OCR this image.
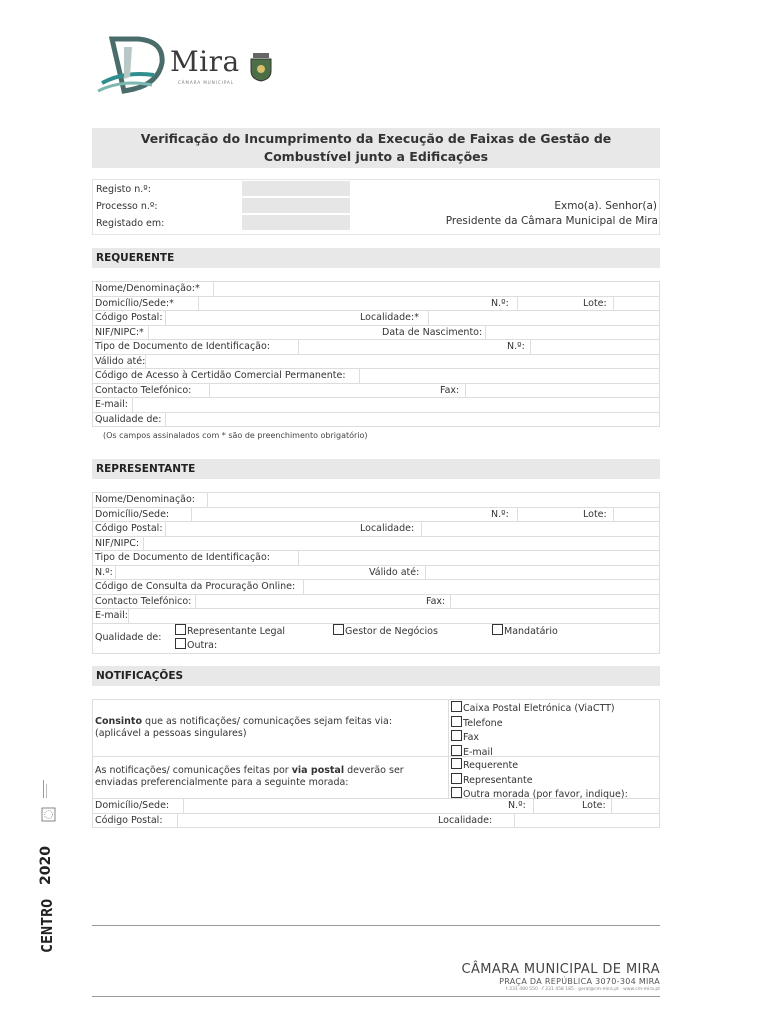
Mira
CÂMARA MUNICIPAL
Verificação do Incumprimento da Execução de Faixas de Gestão de
Combustível junto a Edificações
Registo n.º:
Processo n.º:
Registado em:
Exmo(a). Senhor(a)
Presidente da Câmara Municipal de Mira
REQUERENTE
Nome/Denominação:*
Domicílio/Sede:*	N.º:	Lote:
Código Postal:	Localidade:*
NIF/NIPC:*	Data de Nascimento:
Tipo de Documento de Identificação:	N.º:
Válido até:
Código de Acesso à Certidão Comercial Permanente:
Contacto Telefónico:	Fax:
E-mail:
Qualidade de:
(Os campos assinalados com * são de preenchimento obrigatório)
REPRESENTANTE
Nome/Denominação:
Domicílio/Sede:	N.º:	Lote:
Código Postal:	Localidade:
NIF/NIPC:
Tipo de Documento de Identificação:
N.º:	Válido até:
Código de Consulta da Procuração Online:
Contacto Telefónico:	Fax:
E-mail:
Qualidade de:
Representante Legal	Gestor de Negócios	Mandatário
Outra:
NOTIFICAÇÕES
Consinto que as notificações/ comunicações sejam feitas via:
(aplicável a pessoas singulares)
Caixa Postal Eletrónica (ViaCTT)
Telefone
Fax
E-mail
As notificações/ comunicações feitas por via postal deverão ser
enviadas preferencialmente para a seguinte morada:
Requerente
Representante
Outra morada (por favor, indique):
Domicílio/Sede:	N.º:	Lote:
Código Postal:	Localidade:
2020
CENTRO
CÂMARA MUNICIPAL DE MIRA
PRAÇA DA REPÚBLICA 3070-304 MIRA
t 231 480 550 · f 231 458 185 · geral@cm-mira.pt · www.cm-mira.pt
